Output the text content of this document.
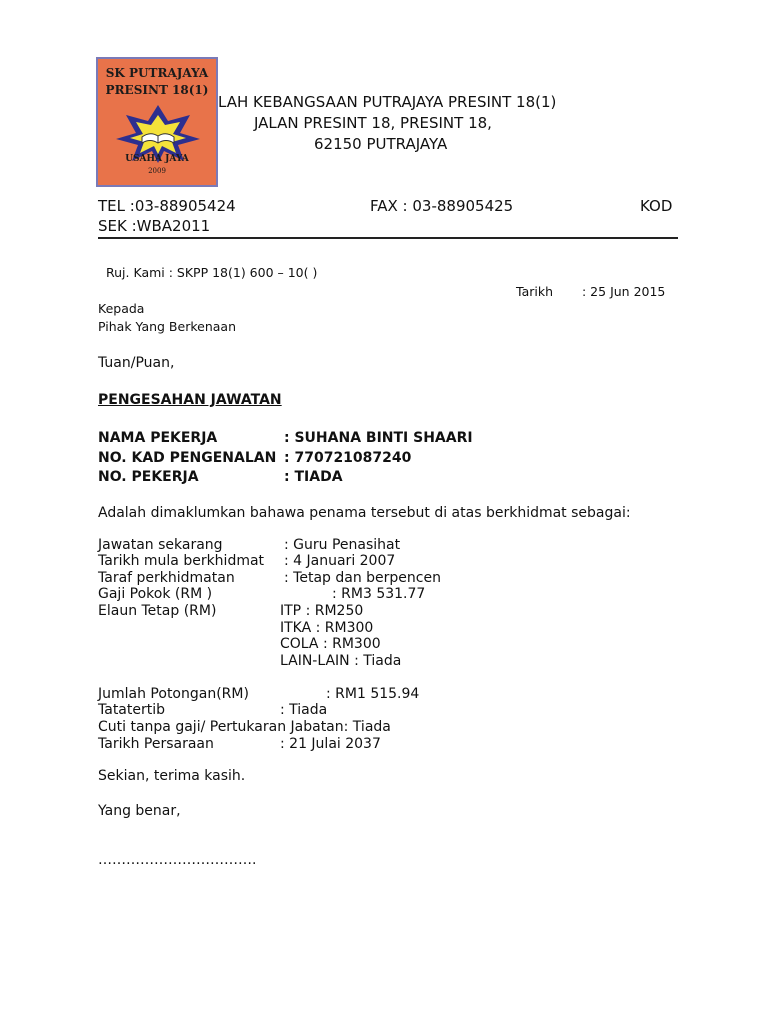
SK PUTRAJAYA
PRESINT 18(1)
USAHA JAYA
2009
LAH KEBANGSAAN PUTRAJAYA PRESINT 18(1)
JALAN PRESINT 18, PRESINT 18,
62150 PUTRAJAYA
TEL :03-88905424	FAX : 03-88905425	KOD
SEK :WBA2011
Ruj. Kami : SKPP 18(1) 600 – 10( )
Tarikh : 25 Jun 2015
Kepada
Pihak Yang Berkenaan
Tuan/Puan,
PENGESAHAN JAWATAN
NAMA PEKERJA	: SUHANA BINTI SHAARI
NO. KAD PENGENALAN : 770721087240
NO. PEKERJA	: TIADA
Adalah dimaklumkan bahawa penama tersebut di atas berkhidmat sebagai:
Jawatan sekarang	: Guru Penasihat
Tarikh mula berkhidmat : 4 Januari 2007
Taraf perkhidmatan	: Tetap dan berpencen
Gaji Pokok (RM )	: RM3 531.77
Elaun Tetap (RM)	ITP : RM250
ITKA : RM300
COLA : RM300
LAIN-LAIN : Tiada
Jumlah Potongan(RM)	: RM1 515.94
Tatatertib	: Tiada
Cuti tanpa gaji/ Pertukaran Jabatan: Tiada
Tarikh Persaraan	: 21 Julai 2037
Sekian, terima kasih.
Yang benar,
…………………………….
